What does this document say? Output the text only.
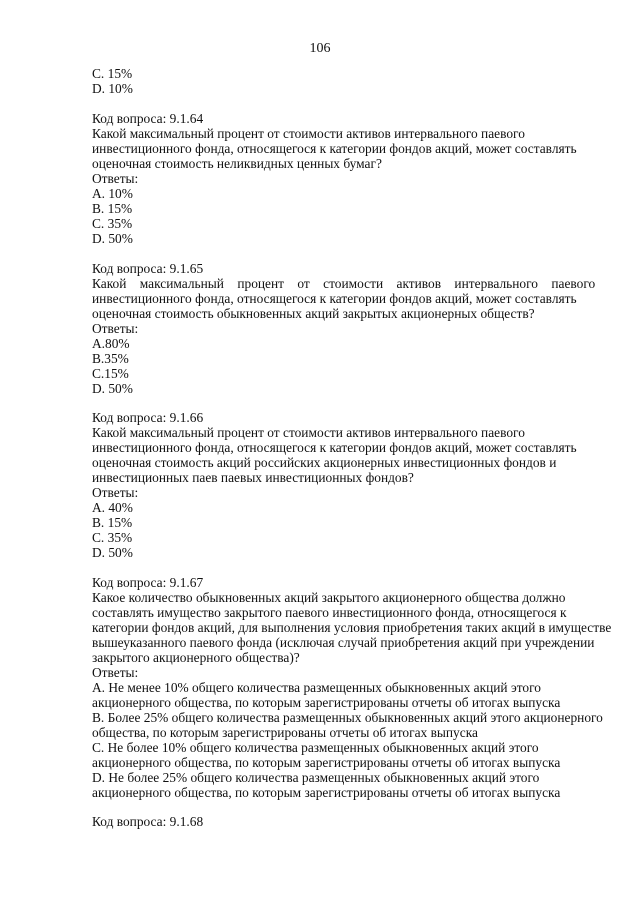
106
C. 15%
D. 10%
Код вопроса: 9.1.64
Какой максимальный процент от стоимости активов интервального паевого
инвестиционного фонда, относящегося к категории фондов акций, может составлять
оценочная стоимость неликвидных ценных бумаг?
Ответы:
A. 10%
B. 15%
C. 35%
D. 50%
Код вопроса: 9.1.65
Какой    максимальный    процент    от    стоимости    активов    интервального    паевого
инвестиционного фонда, относящегося к категории фондов акций, может составлять
оценочная стоимость обыкновенных акций закрытых акционерных обществ?
Ответы:
A.80%
B.35%
C.15%
D. 50%
Код вопроса: 9.1.66
Какой максимальный процент от стоимости активов интервального паевого
инвестиционного фонда, относящегося к категории фондов акций, может составлять
оценочная стоимость акций российских акционерных инвестиционных фондов и
инвестиционных паев паевых инвестиционных фондов?
Ответы:
A. 40%
B. 15%
C. 35%
D. 50%
Код вопроса: 9.1.67
Какое количество обыкновенных акций закрытого акционерного общества должно
составлять имущество закрытого паевого инвестиционного фонда, относящегося к
категории фондов акций, для выполнения условия приобретения таких акций в имуществе
вышеуказанного паевого фонда (исключая случай приобретения акций при учреждении
закрытого акционерного общества)?
Ответы:
A. Не менее 10% общего количества размещенных обыкновенных акций этого
акционерного общества, по которым зарегистрированы отчеты об итогах выпуска
B. Более 25% общего количества размещенных обыкновенных акций этого акционерного
общества, по которым зарегистрированы отчеты об итогах выпуска
C. Не более 10% общего количества размещенных обыкновенных акций этого
акционерного общества, по которым зарегистрированы отчеты об итогах выпуска
D. Не более 25% общего количества размещенных обыкновенных акций этого
акционерного общества, по которым зарегистрированы отчеты об итогах выпуска
Код вопроса: 9.1.68
